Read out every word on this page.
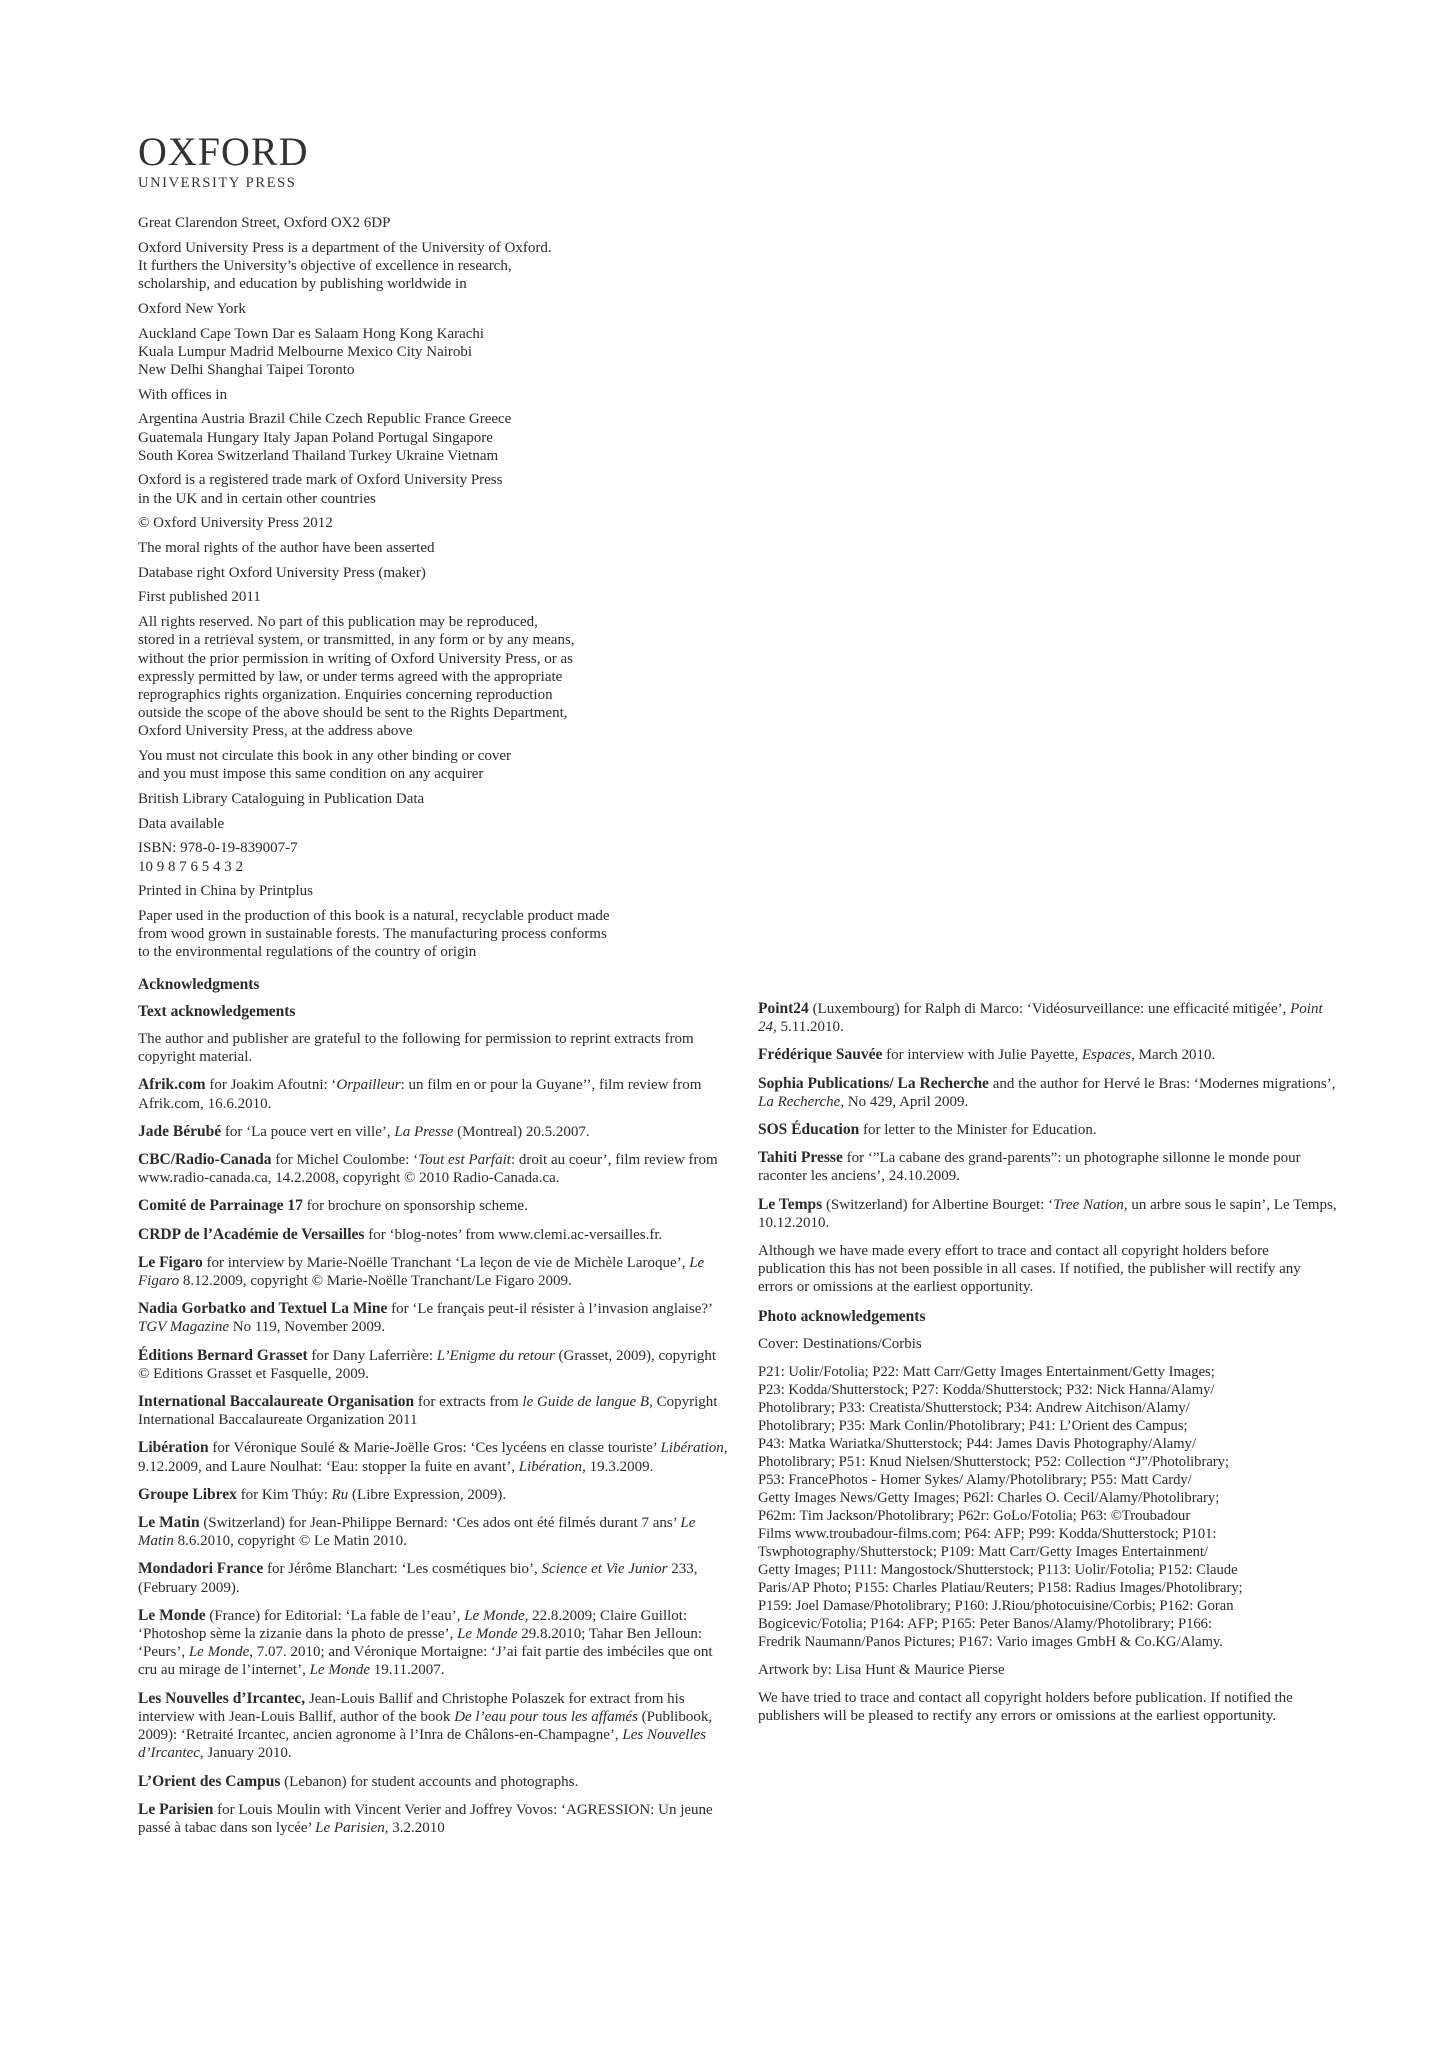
OXFORD
UNIVERSITY PRESS

Great Clarendon Street, Oxford OX2 6DP

Oxford University Press is a department of the University of Oxford.
It furthers the University’s objective of excellence in research,
scholarship, and education by publishing worldwide in

Oxford New York

Auckland Cape Town Dar es Salaam Hong Kong Karachi
Kuala Lumpur Madrid Melbourne Mexico City Nairobi
New Delhi Shanghai Taipei Toronto

With offices in

Argentina Austria Brazil Chile Czech Republic France Greece
Guatemala Hungary Italy Japan Poland Portugal Singapore
South Korea Switzerland Thailand Turkey Ukraine Vietnam

Oxford is a registered trade mark of Oxford University Press
in the UK and in certain other countries

© Oxford University Press 2012

The moral rights of the author have been asserted

Database right Oxford University Press (maker)

First published 2011

All rights reserved. No part of this publication may be reproduced,
stored in a retrieval system, or transmitted, in any form or by any means,
without the prior permission in writing of Oxford University Press, or as
expressly permitted by law, or under terms agreed with the appropriate
reprographics rights organization. Enquiries concerning reproduction
outside the scope of the above should be sent to the Rights Department,
Oxford University Press, at the address above

You must not circulate this book in any other binding or cover
and you must impose this same condition on any acquirer

British Library Cataloguing in Publication Data

Data available

ISBN: 978-0-19-839007-7
10 9 8 7 6 5 4 3 2

Printed in China by Printplus

Paper used in the production of this book is a natural, recyclable product made
from wood grown in sustainable forests. The manufacturing process conforms
to the environmental regulations of the country of origin

Acknowledgments
Text acknowledgements

The author and publisher are grateful to the following for permission to reprint extracts from copyright material.

Afrik.com for Joakim Afoutni: ‘Orpailleur: un film en or pour la Guyane’’, film review from Afrik.com, 16.6.2010.

Jade Bérubé for ‘La pouce vert en ville’, La Presse (Montreal) 20.5.2007.

CBC/Radio-Canada for Michel Coulombe: ‘Tout est Parfait: droit au coeur’, film review from www.radio-canada.ca, 14.2.2008, copyright © 2010 Radio-Canada.ca.

Comité de Parrainage 17 for brochure on sponsorship scheme.

CRDP de l’Académie de Versailles for ‘blog-notes’ from www.clemi.ac-versailles.fr.

Le Figaro for interview by Marie-Noëlle Tranchant ‘La leçon de vie de Michèle Laroque’, Le Figaro 8.12.2009, copyright © Marie-Noëlle Tranchant/Le Figaro 2009.

Nadia Gorbatko and Textuel La Mine for ‘Le français peut-il résister à l’invasion anglaise?’ TGV Magazine No 119, November 2009.

Éditions Bernard Grasset for Dany Laferrière: L’Enigme du retour (Grasset, 2009), copyright © Editions Grasset et Fasquelle, 2009.

International Baccalaureate Organisation for extracts from le Guide de langue B, Copyright International Baccalaureate Organization 2011

Libération for Véronique Soulé & Marie-Joëlle Gros: ‘Ces lycéens en classe touriste’ Libération, 9.12.2009, and Laure Noulhat: ‘Eau: stopper la fuite en avant’, Libération, 19.3.2009.

Groupe Librex for Kim Thúy: Ru (Libre Expression, 2009).

Le Matin (Switzerland) for Jean-Philippe Bernard: ‘Ces ados ont été filmés durant 7 ans’ Le Matin 8.6.2010, copyright © Le Matin 2010.

Mondadori France for Jérôme Blanchart: ‘Les cosmétiques bio’, Science et Vie Junior 233, (February 2009).

Le Monde (France) for Editorial: ‘La fable de l’eau’, Le Monde, 22.8.2009; Claire Guillot: ‘Photoshop sème la zizanie dans la photo de presse’, Le Monde 29.8.2010; Tahar Ben Jelloun: ‘Peurs’, Le Monde, 7.07. 2010; and Véronique Mortaigne: ‘J’ai fait partie des imbéciles que ont cru au mirage de l’internet’, Le Monde 19.11.2007.

Les Nouvelles d’Ircantec, Jean-Louis Ballif and Christophe Polaszek for extract from his interview with Jean-Louis Ballif, author of the book De l’eau pour tous les affamés (Publibook, 2009): ‘Retraité Ircantec, ancien agronome à l’Inra de Châlons-en-Champagne’, Les Nouvelles d’Ircantec, January 2010.

L’Orient des Campus (Lebanon) for student accounts and photographs.

Le Parisien for Louis Moulin with Vincent Verier and Joffrey Vovos: ‘AGRESSION: Un jeune passé à tabac dans son lycée’ Le Parisien, 3.2.2010

Point24 (Luxembourg) for Ralph di Marco: ‘Vidéosurveillance: une efficacité mitigée’, Point 24, 5.11.2010.

Frédérique Sauvée for interview with Julie Payette, Espaces, March 2010.

Sophia Publications/ La Recherche and the author for Hervé le Bras: ‘Modernes migrations’, La Recherche, No 429, April 2009.

SOS Éducation for letter to the Minister for Education.

Tahiti Presse for ‘”La cabane des grand-parents”: un photographe sillonne le monde pour raconter les anciens’, 24.10.2009.

Le Temps (Switzerland) for Albertine Bourget: ‘Tree Nation, un arbre sous le sapin’, Le Temps, 10.12.2010.

Although we have made every effort to trace and contact all copyright holders before publication this has not been possible in all cases. If notified, the publisher will rectify any errors or omissions at the earliest opportunity.

Photo acknowledgements

Cover: Destinations/Corbis

P21: Uolir/Fotolia; P22: Matt Carr/Getty Images Entertainment/Getty Images;
P23: Kodda/Shutterstock; P27: Kodda/Shutterstock; P32: Nick Hanna/Alamy/
Photolibrary; P33: Creatista/Shutterstock; P34: Andrew Aitchison/Alamy/
Photolibrary; P35: Mark Conlin/Photolibrary; P41: L’Orient des Campus;
P43: Matka Wariatka/Shutterstock; P44: James Davis Photography/Alamy/
Photolibrary; P51: Knud Nielsen/Shutterstock; P52: Collection “J”/Photolibrary;
P53: FrancePhotos - Homer Sykes/ Alamy/Photolibrary; P55: Matt Cardy/
Getty Images News/Getty Images; P62l: Charles O. Cecil/Alamy/Photolibrary;
P62m: Tim Jackson/Photolibrary; P62r: GoLo/Fotolia; P63: ©Troubadour
Films www.troubadour-films.com; P64: AFP; P99: Kodda/Shutterstock; P101:
Tswphotography/Shutterstock; P109: Matt Carr/Getty Images Entertainment/
Getty Images; P111: Mangostock/Shutterstock; P113: Uolir/Fotolia; P152: Claude
Paris/AP Photo; P155: Charles Platiau/Reuters; P158: Radius Images/Photolibrary;
P159: Joel Damase/Photolibrary; P160: J.Riou/photocuisine/Corbis; P162: Goran
Bogicevic/Fotolia; P164: AFP; P165: Peter Banos/Alamy/Photolibrary; P166:
Fredrik Naumann/Panos Pictures; P167: Vario images GmbH & Co.KG/Alamy.

Artwork by: Lisa Hunt & Maurice Pierse

We have tried to trace and contact all copyright holders before publication. If notified the publishers will be pleased to rectify any errors or omissions at the earliest opportunity.
